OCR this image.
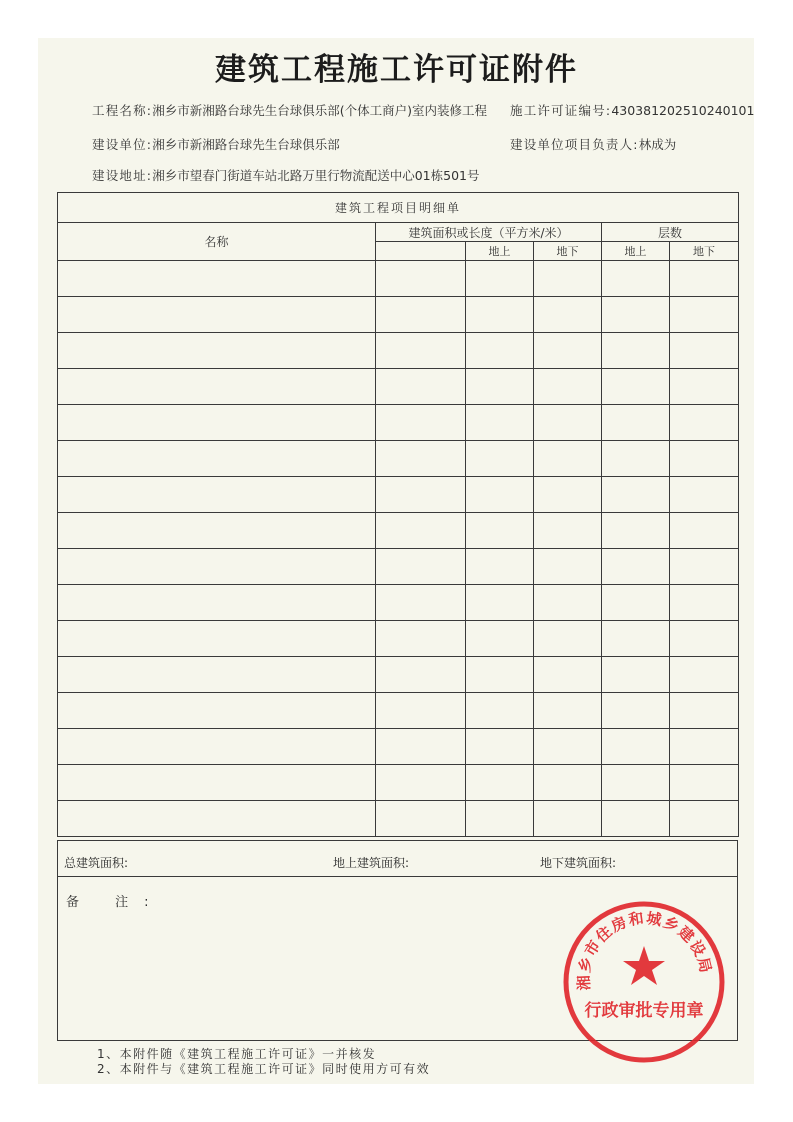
建筑工程施工许可证附件
工程名称:湘乡市新湘路台球先生台球俱乐部(个体工商户)室内装修工程	施工许可证编号:430381202510240101
建设单位:湘乡市新湘路台球先生台球俱乐部	建设单位项目负责人:林成为
建设地址:湘乡市望春门街道车站北路万里行物流配送中心01栋501号
建筑工程项目明细单					
名称	建筑面积或长度（平方米/米）			层数	
		地上	地下	地上	地下

总建筑面积:	地上建筑面积:	地下建筑面积:
备 注:
1、本附件随《建筑工程施工许可证》一并核发
2、本附件与《建筑工程施工许可证》同时使用方可有效
湘乡市住房和城乡建设局
行政审批专用章
